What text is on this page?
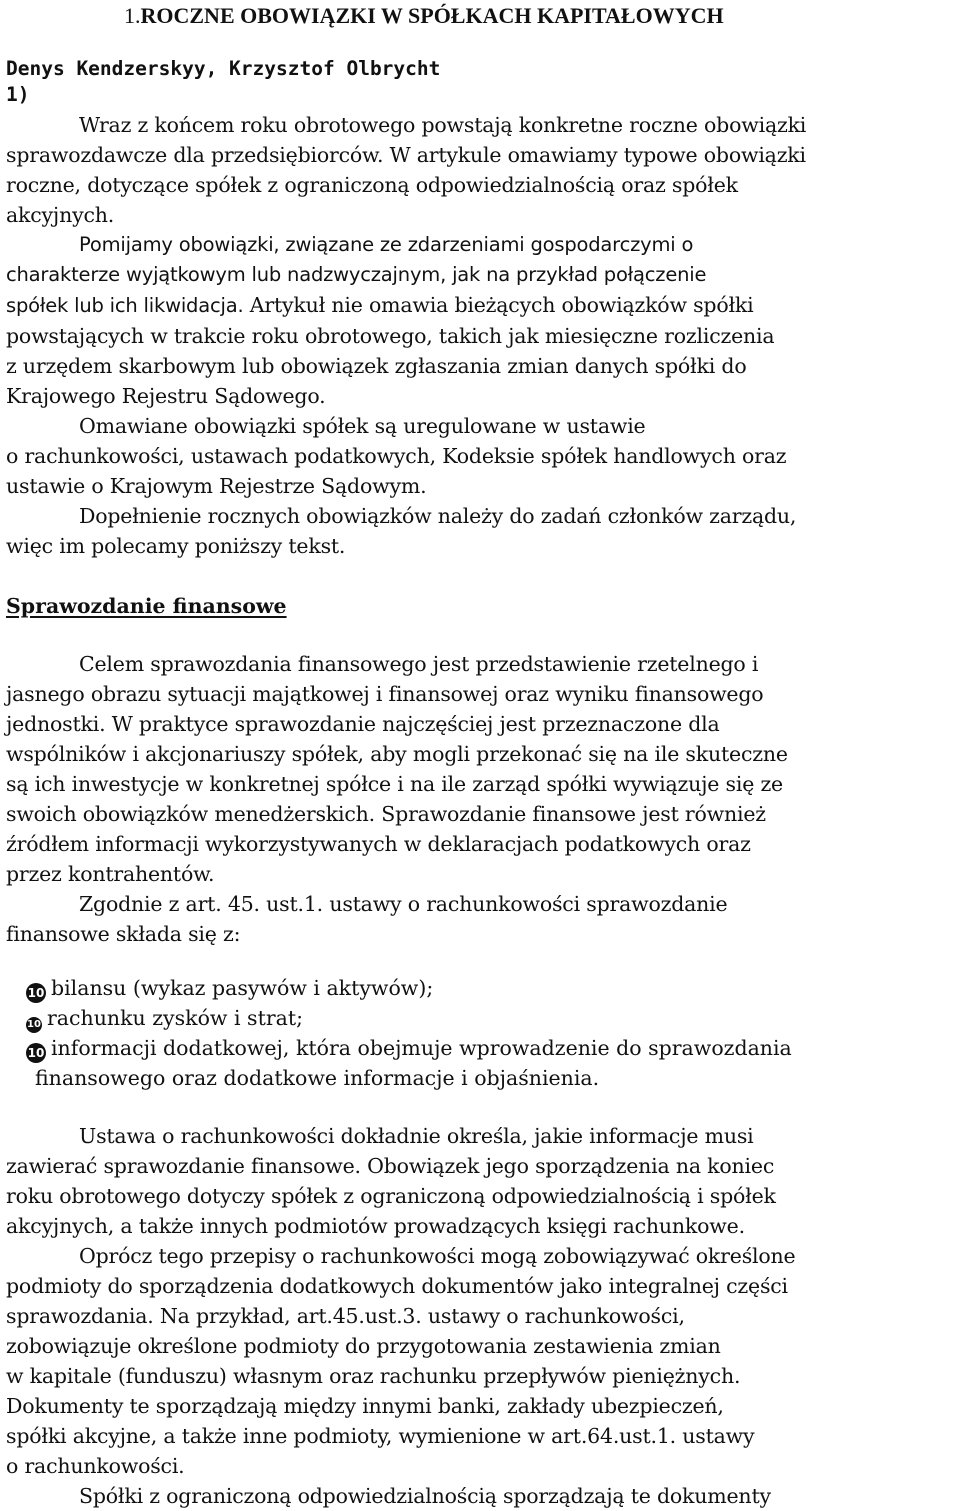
1.ROCZNE OBOWIĄZKI W SPÓŁKACH KAPITAŁOWYCH
Denys Kendzerskyy, Krzysztof Olbrycht
1)
Wraz z końcem roku obrotowego powstają konkretne roczne obowiązki
sprawozdawcze dla przedsiębiorców. W artykule omawiamy typowe obowiązki
roczne, dotyczące spółek z ograniczoną odpowiedzialnością oraz spółek
akcyjnych.
Pomijamy obowiązki, związane ze zdarzeniami gospodarczymi o
charakterze wyjątkowym lub nadzwyczajnym, jak na przykład połączenie
spółek lub ich likwidacja. Artykuł nie omawia bieżących obowiązków spółki
powstających w trakcie roku obrotowego, takich jak miesięczne rozliczenia
z urzędem skarbowym lub obowiązek zgłaszania zmian danych spółki do
Krajowego Rejestru Sądowego.
Omawiane obowiązki spółek są uregulowane w ustawie
o rachunkowości, ustawach podatkowych, Kodeksie spółek handlowych oraz
ustawie o Krajowym Rejestrze Sądowym.
Dopełnienie rocznych obowiązków należy do zadań członków zarządu,
więc im polecamy poniższy tekst.
Sprawozdanie finansowe
Celem sprawozdania finansowego jest przedstawienie rzetelnego i
jasnego obrazu sytuacji majątkowej i finansowej oraz wyniku finansowego
jednostki. W praktyce sprawozdanie najczęściej jest przeznaczone dla
wspólników i akcjonariuszy spółek, aby mogli przekonać się na ile skuteczne
są ich inwestycje w konkretnej spółce i na ile zarząd spółki wywiązuje się ze
swoich obowiązków menedżerskich. Sprawozdanie finansowe jest również
źródłem informacji wykorzystywanych w deklaracjach podatkowych oraz
przez kontrahentów.
Zgodnie z art. 45. ust.1. ustawy o rachunkowości sprawozdanie
finansowe składa się z:
10 bilansu (wykaz pasywów i aktywów);
10 rachunku zysków i strat;
10 informacji dodatkowej, która obejmuje wprowadzenie do sprawozdania
finansowego oraz dodatkowe informacje i objaśnienia.
Ustawa o rachunkowości dokładnie określa, jakie informacje musi
zawierać sprawozdanie finansowe. Obowiązek jego sporządzenia na koniec
roku obrotowego dotyczy spółek z ograniczoną odpowiedzialnością i spółek
akcyjnych, a także innych podmiotów prowadzących księgi rachunkowe.
Oprócz tego przepisy o rachunkowości mogą zobowiązywać określone
podmioty do sporządzenia dodatkowych dokumentów jako integralnej części
sprawozdania. Na przykład, art.45.ust.3. ustawy o rachunkowości,
zobowiązuje określone podmioty do przygotowania zestawienia zmian
w kapitale (funduszu) własnym oraz rachunku przepływów pieniężnych.
Dokumenty te sporządzają między innymi banki, zakłady ubezpieczeń,
spółki akcyjne, a także inne podmioty, wymienione w art.64.ust.1. ustawy
o rachunkowości.
Spółki z ograniczoną odpowiedzialnością sporządzają te dokumenty
